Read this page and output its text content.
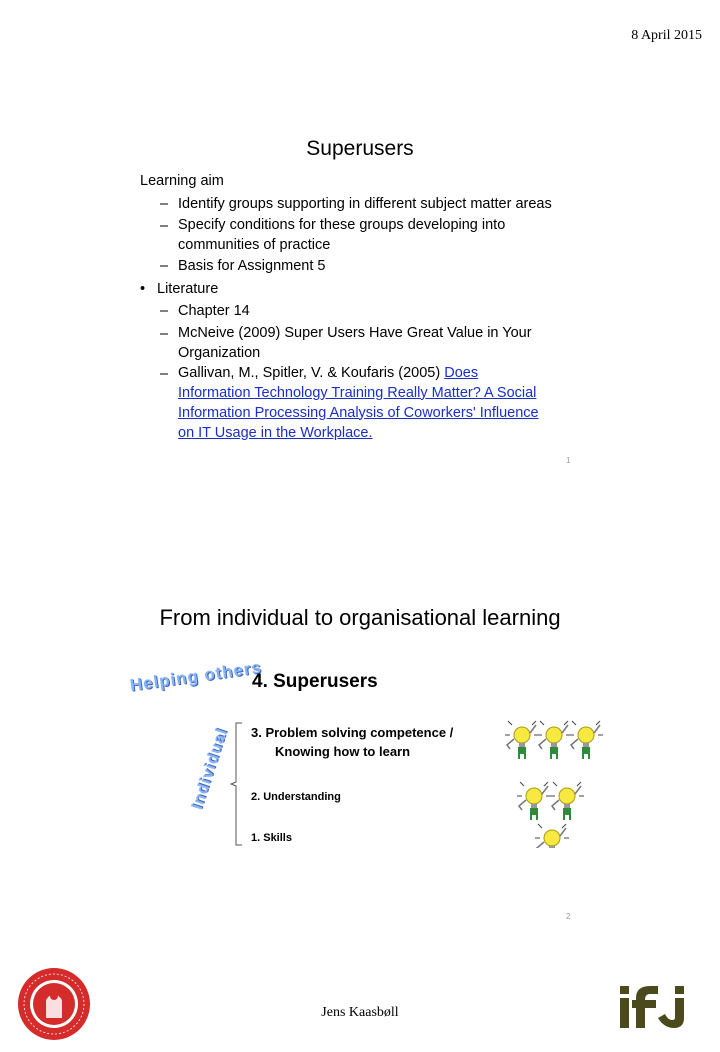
8 April 2015
Superusers
Learning aim
– Identify groups supporting in different subject matter areas
– Specify conditions for these groups developing into
communities of practice
– Basis for Assignment 5
• Literature
– Chapter 14
– McNeive (2009) Super Users Have Great Value in Your
Organization
– Gallivan, M., Spitler, V. & Koufaris (2005) Does
Information Technology Training Really Matter? A Social
Information Processing Analysis of Coworkers' Influence
on IT Usage in the Workplace.
1
From individual to organisational learning
Helping others
Individual
4. Superusers
3. Problem solving competence /
Knowing how to learn
2. Understanding
1. Skills
2
Jens Kaasbøll
